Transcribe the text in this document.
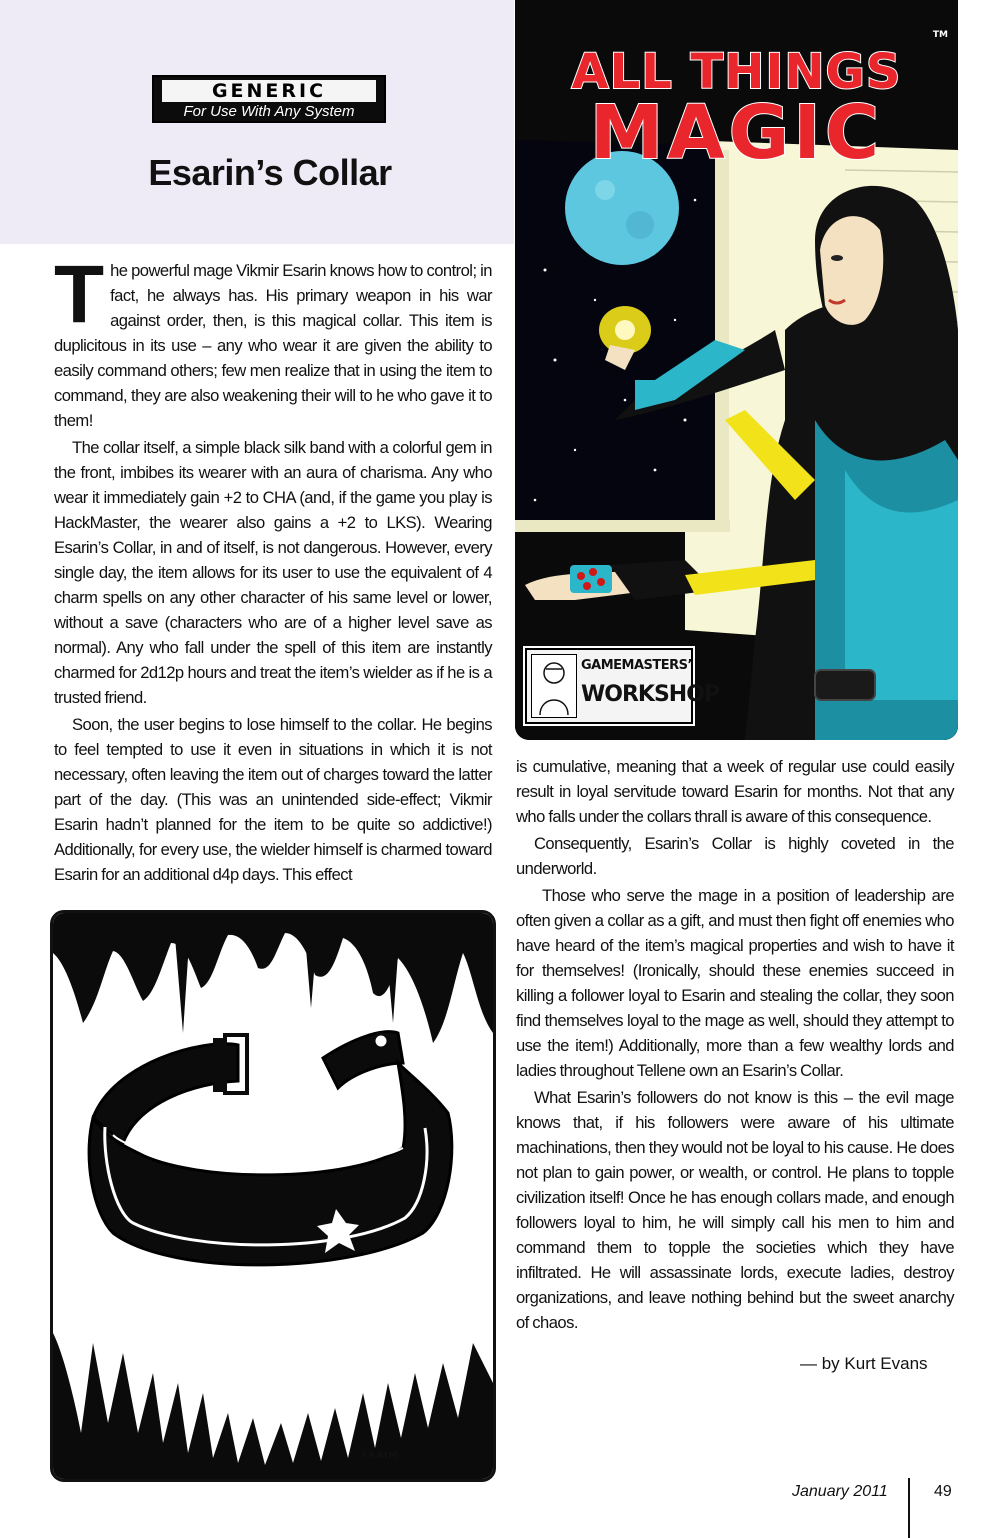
GENERIC
For Use With Any System
Esarin’s Collar

The powerful mage Vikmir Esarin knows how to control; in fact, he always has. His primary weapon in his war against order, then, is this magical collar. This item is duplicitous in its use – any who wear it are given the ability to easily command others; few men realize that in using the item to command, they are also weakening their will to he who gave it to them!

The collar itself, a simple black silk band with a colorful gem in the front, imbibes its wearer with an aura of charisma. Any who wear it immediately gain +2 to CHA (and, if the game you play is HackMaster, the wearer also gains a +2 to LKS). Wearing Esarin’s Collar, in and of itself, is not dangerous. However, every single day, the item allows for its user to use the equivalent of 4 charm spells on any other character of his same level or lower, without a save (characters who are of a higher level save as normal). Any who fall under the spell of this item are instantly charmed for 2d12p hours and treat the item’s wielder as if he is a trusted friend.

Soon, the user begins to lose himself to the collar. He begins to feel tempted to use it even in situations in which it is not necessary, often leaving the item out of charges toward the latter part of the day. (This was an unintended side-effect; Vikmir Esarin hadn’t planned for the item to be quite so addictive!) Additionally, for every use, the wielder himself is charmed toward Esarin for an additional d4p days. This effect

TM
ALL THINGS
MAGIC
GAMEMASTERS’
WORKSHOP

is cumulative, meaning that a week of regular use could easily result in loyal servitude toward Esarin for months. Not that any who falls under the collars thrall is aware of this consequence.

Consequently, Esarin’s Collar is highly coveted in the underworld.

Those who serve the mage in a position of leadership are often given a collar as a gift, and must then fight off enemies who have heard of the item’s magical properties and wish to have it for themselves! (Ironically, should these enemies succeed in killing a follower loyal to Esarin and stealing the collar, they soon find themselves loyal to the mage as well, should they attempt to use the item!) Additionally, more than a few wealthy lords and ladies throughout Tellene own an Esarin’s Collar.

What Esarin’s followers do not know is this – the evil mage knows that, if his followers were aware of his ultimate machinations, then they would not be loyal to his cause. He does not plan to gain power, or wealth, or control. He plans to topple civilization itself! Once he has enough collars made, and enough followers loyal to him, he will simply call his men to him and command them to topple the societies which they have infiltrated. He will assassinate lords, execute ladies, destroy organizations, and leave nothing behind but the sweet anarchy of chaos.

— by Kurt Evans
FRAIM
January 2011	49
